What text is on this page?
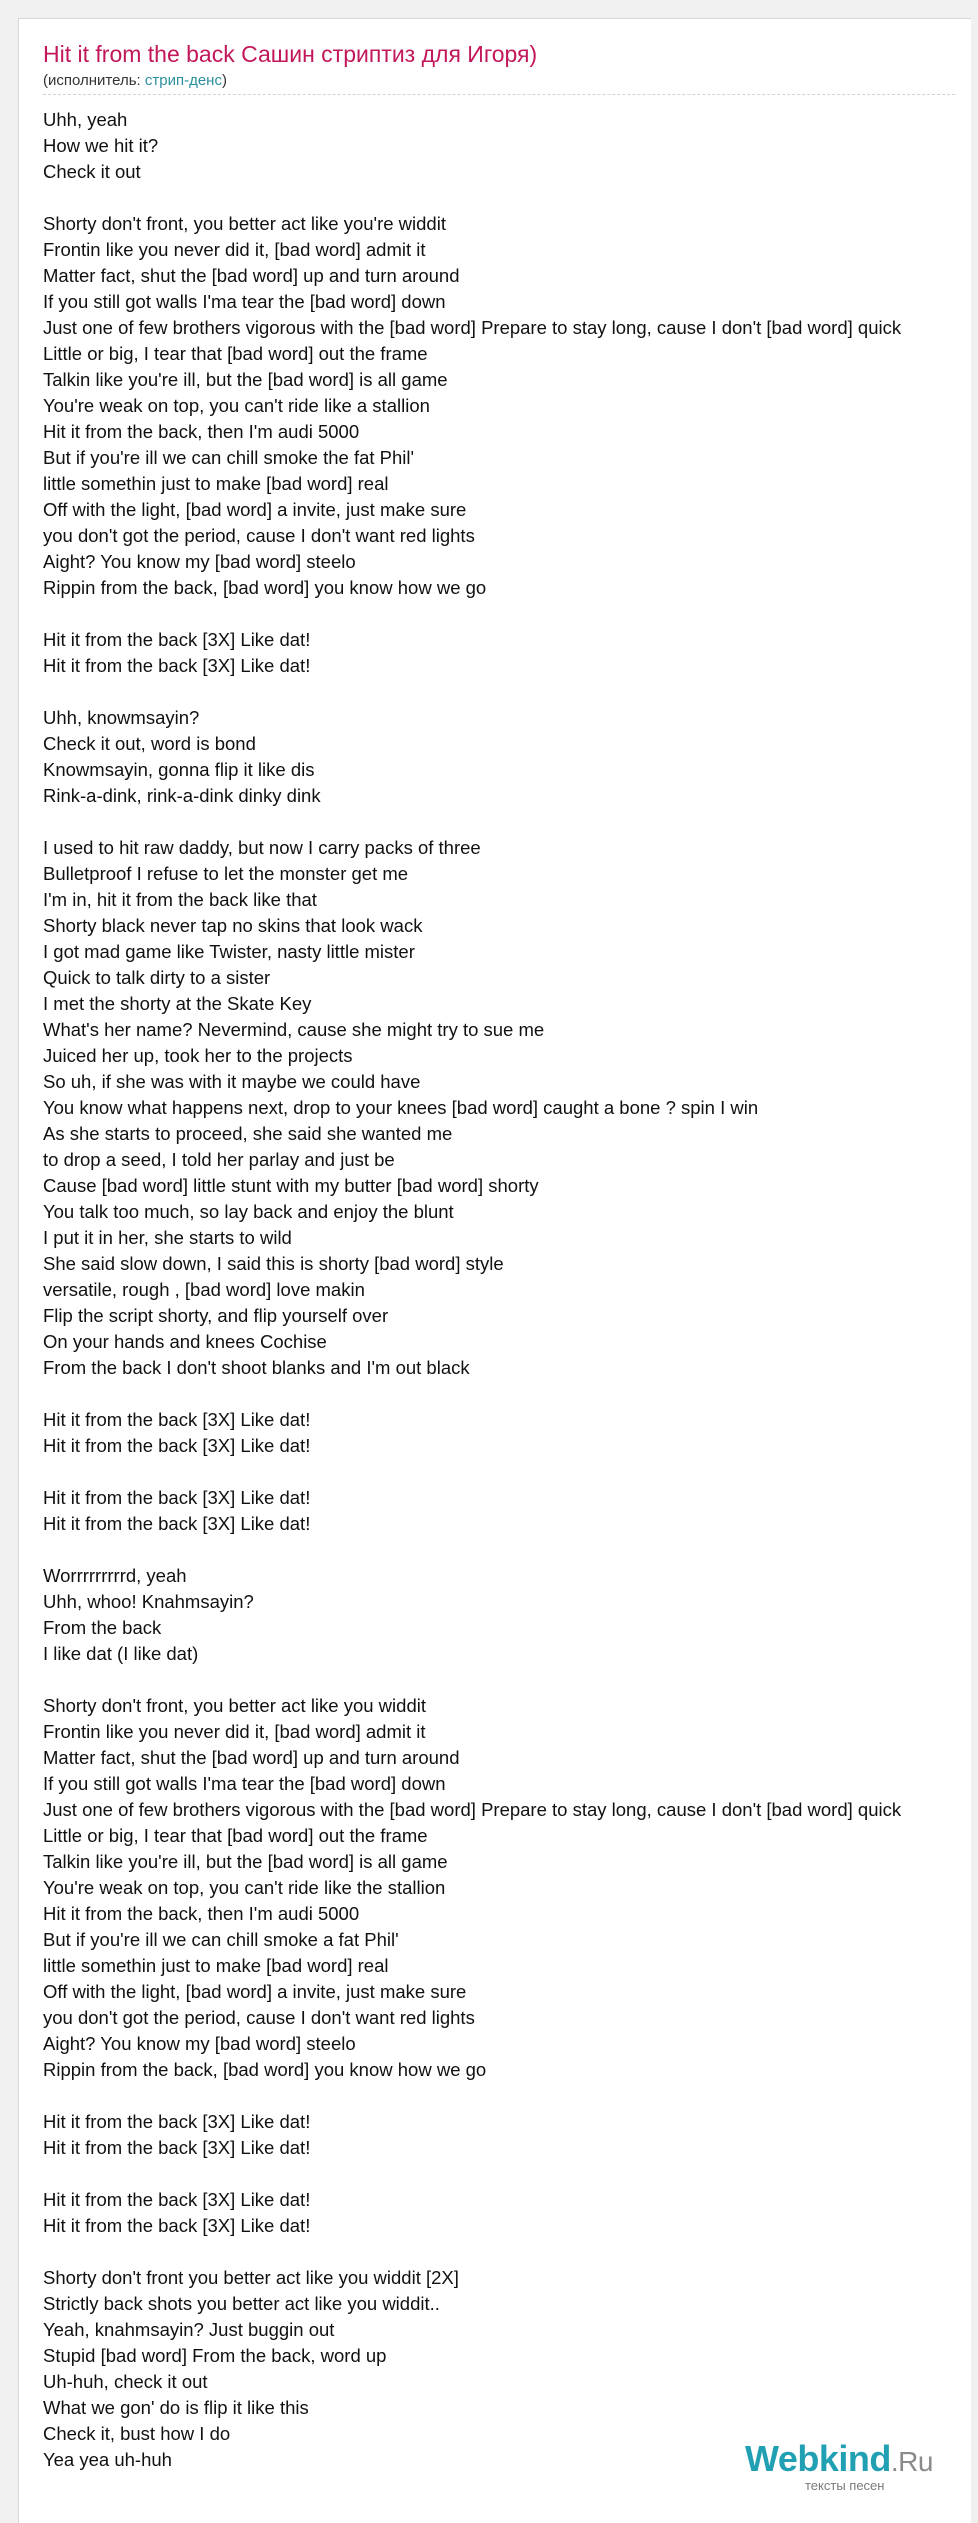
Hit it from the back Сашин стриптиз для Игоря)
(исполнитель: стрип-денс)
Uhh, yeah
How we hit it?
Check it out
Shorty don't front, you better act like you're widdit
Frontin like you never did it, [bad word] admit it
Matter fact, shut the [bad word] up and turn around
If you still got walls I'ma tear the [bad word] down
Just one of few brothers vigorous with the [bad word] Prepare to stay long, cause I don't [bad word] quick
Little or big, I tear that [bad word] out the frame
Talkin like you're ill, but the [bad word] is all game
You're weak on top, you can't ride like a stallion
Hit it from the back, then I'm audi 5000
But if you're ill we can chill smoke the fat Phil'
little somethin just to make [bad word] real
Off with the light, [bad word] a invite, just make sure
you don't got the period, cause I don't want red lights
Aight? You know my [bad word] steelo
Rippin from the back, [bad word] you know how we go
Hit it from the back [3X] Like dat!
Hit it from the back [3X] Like dat!
Uhh, knowmsayin?
Check it out, word is bond
Knowmsayin, gonna flip it like dis
Rink-a-dink, rink-a-dink dinky dink
I used to hit raw daddy, but now I carry packs of three
Bulletproof I refuse to let the monster get me
I'm in, hit it from the back like that
Shorty black never tap no skins that look wack
I got mad game like Twister, nasty little mister
Quick to talk dirty to a sister
I met the shorty at the Skate Key
What's her name? Nevermind, cause she might try to sue me
Juiced her up, took her to the projects
So uh, if she was with it maybe we could have
You know what happens next, drop to your knees [bad word] caught a bone ? spin I win
As she starts to proceed, she said she wanted me
to drop a seed, I told her parlay and just be
Cause [bad word] little stunt with my butter [bad word] shorty
You talk too much, so lay back and enjoy the blunt
I put it in her, she starts to wild
She said slow down, I said this is shorty [bad word] style
versatile, rough , [bad word] love makin
Flip the script shorty, and flip yourself over
On your hands and knees Cochise
From the back I don't shoot blanks and I'm out black
Hit it from the back [3X] Like dat!
Hit it from the back [3X] Like dat!
Hit it from the back [3X] Like dat!
Hit it from the back [3X] Like dat!
Worrrrrrrrrd, yeah
Uhh, whoo! Knahmsayin?
From the back
I like dat (I like dat)
Shorty don't front, you better act like you widdit
Frontin like you never did it, [bad word] admit it
Matter fact, shut the [bad word] up and turn around
If you still got walls I'ma tear the [bad word] down
Just one of few brothers vigorous with the [bad word] Prepare to stay long, cause I don't [bad word] quick
Little or big, I tear that [bad word] out the frame
Talkin like you're ill, but the [bad word] is all game
You're weak on top, you can't ride like the stallion
Hit it from the back, then I'm audi 5000
But if you're ill we can chill smoke a fat Phil'
little somethin just to make [bad word] real
Off with the light, [bad word] a invite, just make sure
you don't got the period, cause I don't want red lights
Aight? You know my [bad word] steelo
Rippin from the back, [bad word] you know how we go
Hit it from the back [3X] Like dat!
Hit it from the back [3X] Like dat!
Hit it from the back [3X] Like dat!
Hit it from the back [3X] Like dat!
Shorty don't front you better act like you widdit [2X]
Strictly back shots you better act like you widdit..
Yeah, knahmsayin? Just buggin out
Stupid [bad word] From the back, word up
Uh-huh, check it out
What we gon' do is flip it like this
Check it, bust how I do
Yea yea uh-huh	Webkind.Ru
тексты песен
